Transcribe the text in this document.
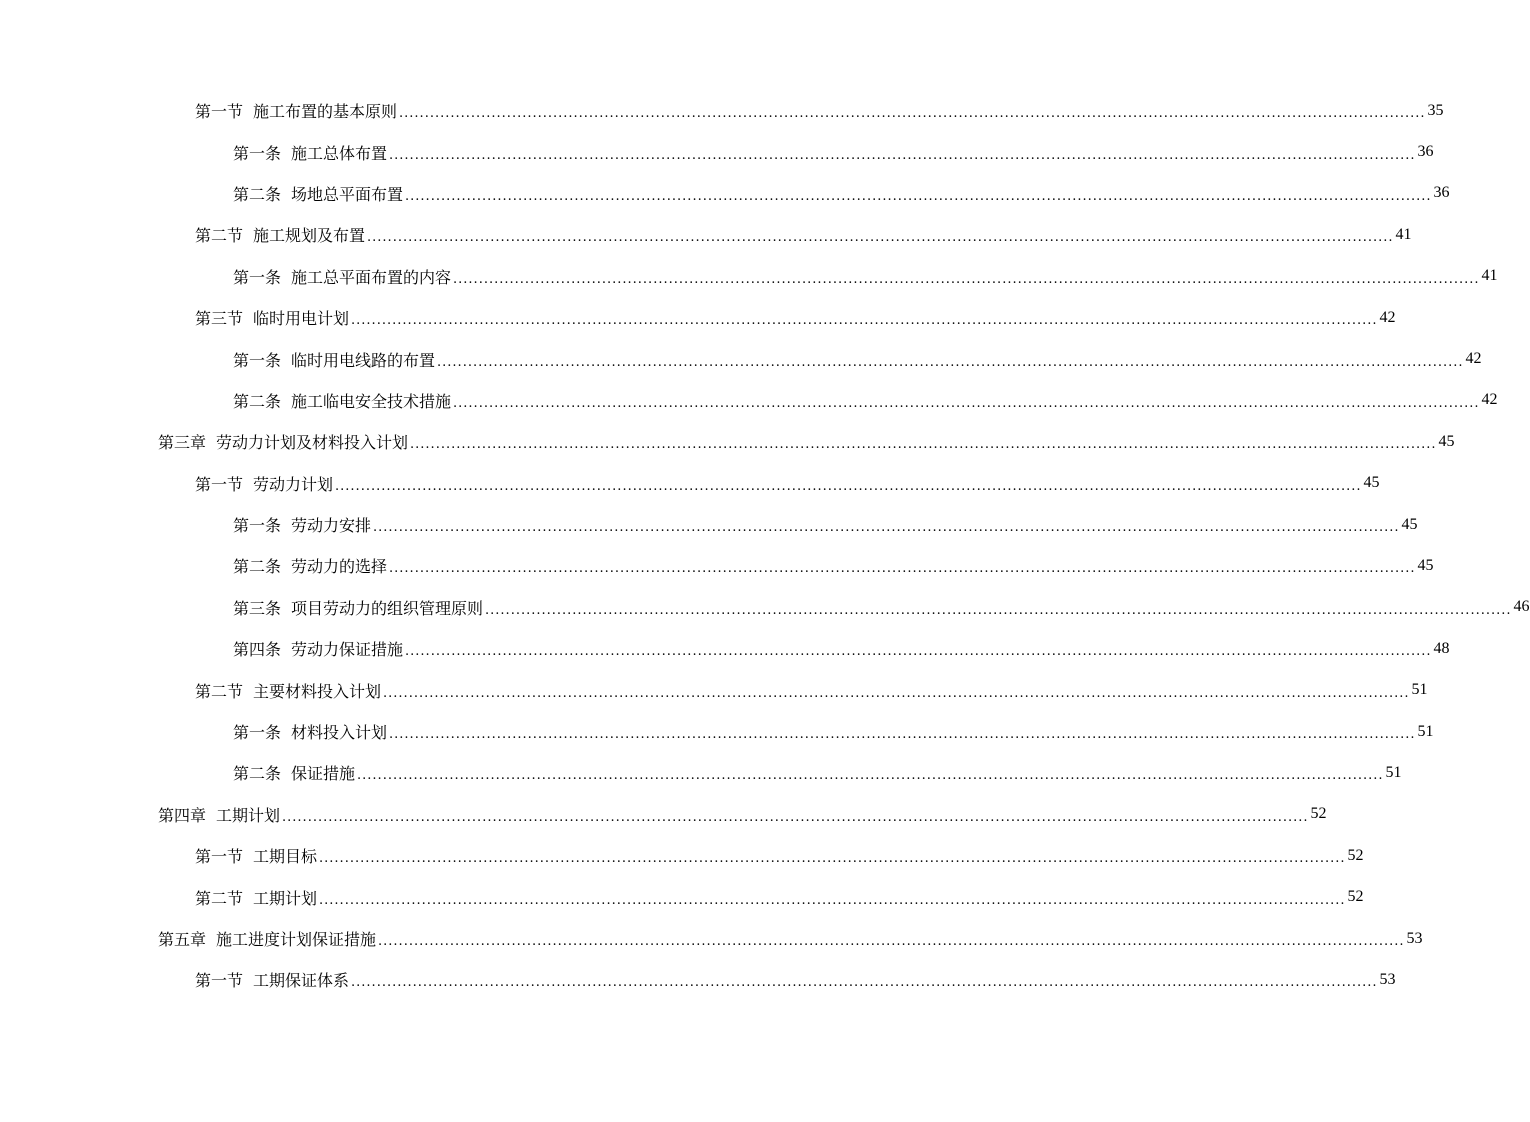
第一节 施工布置的基本原则 ........................................................................................................................................................................................................ 35
第一条 施工总体布置 ........................................................................................................................................................................................................ 36
第二条 场地总平面布置 ........................................................................................................................................................................................................ 36
第二节 施工规划及布置 ........................................................................................................................................................................................................ 41
第一条 施工总平面布置的内容 ........................................................................................................................................................................................................ 41
第三节 临时用电计划 ........................................................................................................................................................................................................ 42
第一条 临时用电线路的布置 ........................................................................................................................................................................................................ 42
第二条 施工临电安全技术措施 ........................................................................................................................................................................................................ 42
第三章 劳动力计划及材料投入计划 ........................................................................................................................................................................................................ 45
第一节 劳动力计划 ........................................................................................................................................................................................................ 45
第一条 劳动力安排 ........................................................................................................................................................................................................ 45
第二条 劳动力的选择 ........................................................................................................................................................................................................ 45
第三条 项目劳动力的组织管理原则 ........................................................................................................................................................................................................ 46
第四条 劳动力保证措施 ........................................................................................................................................................................................................ 48
第二节 主要材料投入计划 ........................................................................................................................................................................................................ 51
第一条 材料投入计划 ........................................................................................................................................................................................................ 51
第二条 保证措施 ........................................................................................................................................................................................................ 51
第四章 工期计划 ........................................................................................................................................................................................................ 52
第一节 工期目标 ........................................................................................................................................................................................................ 52
第二节 工期计划 ........................................................................................................................................................................................................ 52
第五章 施工进度计划保证措施 ........................................................................................................................................................................................................ 53
第一节 工期保证体系 ........................................................................................................................................................................................................ 53
